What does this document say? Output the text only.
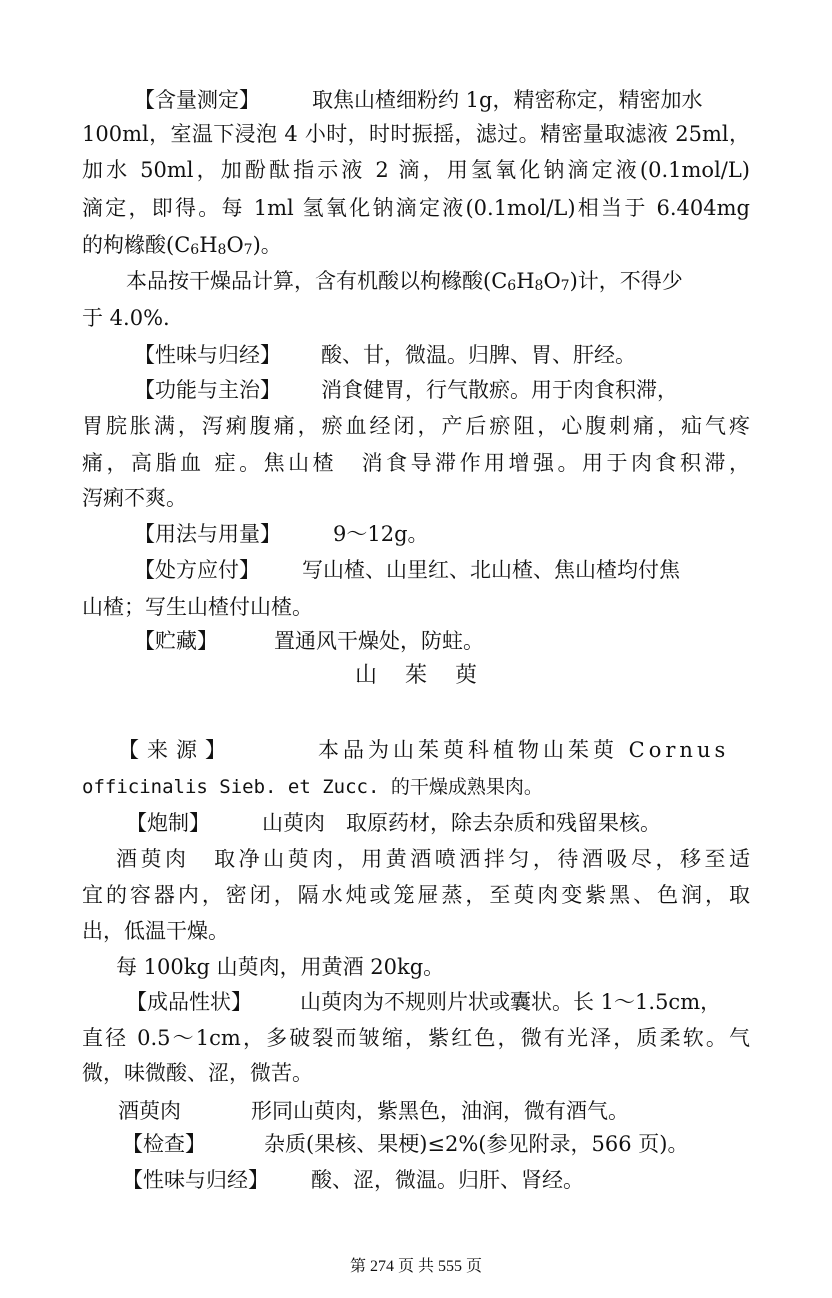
【含量测定】 取焦山楂细粉约 1g，精密称定，精密加水
100ml，室温下浸泡 4 小时，时时振摇，滤过。精密量取滤液 25ml，
加水 50ml，加酚酞指示液 2 滴，用氢氧化钠滴定液(0.1mol/L)
滴定，即得。每 1ml 氢氧化钠滴定液(0.1mol/L)相当于 6.404mg
的枸橼酸$(C_6H_8O_7)$。
本品按干燥品计算，含有机酸以枸橼酸$(C_6H_8O_7)$计，不得少
于 4.0%.
【性味与归经】 酸、甘，微温。归脾、胃、肝经。
【功能与主治】 消食健胃，行气散瘀。用于肉食积滞，
胃脘胀满，泻痢腹痛，瘀血经闭，产后瘀阻，心腹刺痛，疝气疼
痛，高脂血 症。焦山楂　消食导滞作用增强。用于肉食积滞，
泻痢不爽。
【用法与用量】 9～12g。
【处方应付】 写山楂、山里红、北山楂、焦山楂均付焦
山楂；写生山楂付山楂。
【贮藏】	置通风干燥处，防蛀。
山茱萸
【来源】	本品为山茱萸科植物山茱萸 Cornus
officinalis Sieb. et Zucc. 的干燥成熟果肉。
【炮制】 山萸肉　取原药材，除去杂质和残留果核。
酒萸肉　取净山萸肉，用黄酒喷洒拌匀，待酒吸尽，移至适
宜的容器内，密闭，隔水炖或笼屉蒸，至萸肉变紫黑、色润，取
出，低温干燥。
每 100kg 山萸肉，用黄酒 20kg。
【成品性状】 山萸肉为不规则片状或囊状。长 1～1.5cm，
直径 0.5～1cm，多破裂而皱缩，紫红色，微有光泽，质柔软。气
微，味微酸、涩，微苦。
酒萸肉	形同山萸肉，紫黑色，油润，微有酒气。
【检查】	杂质(果核、果梗)≤2%(参见附录，566 页)。
【性味与归经】 酸、涩，微温。归肝、肾经。
第 274 页 共 555 页
